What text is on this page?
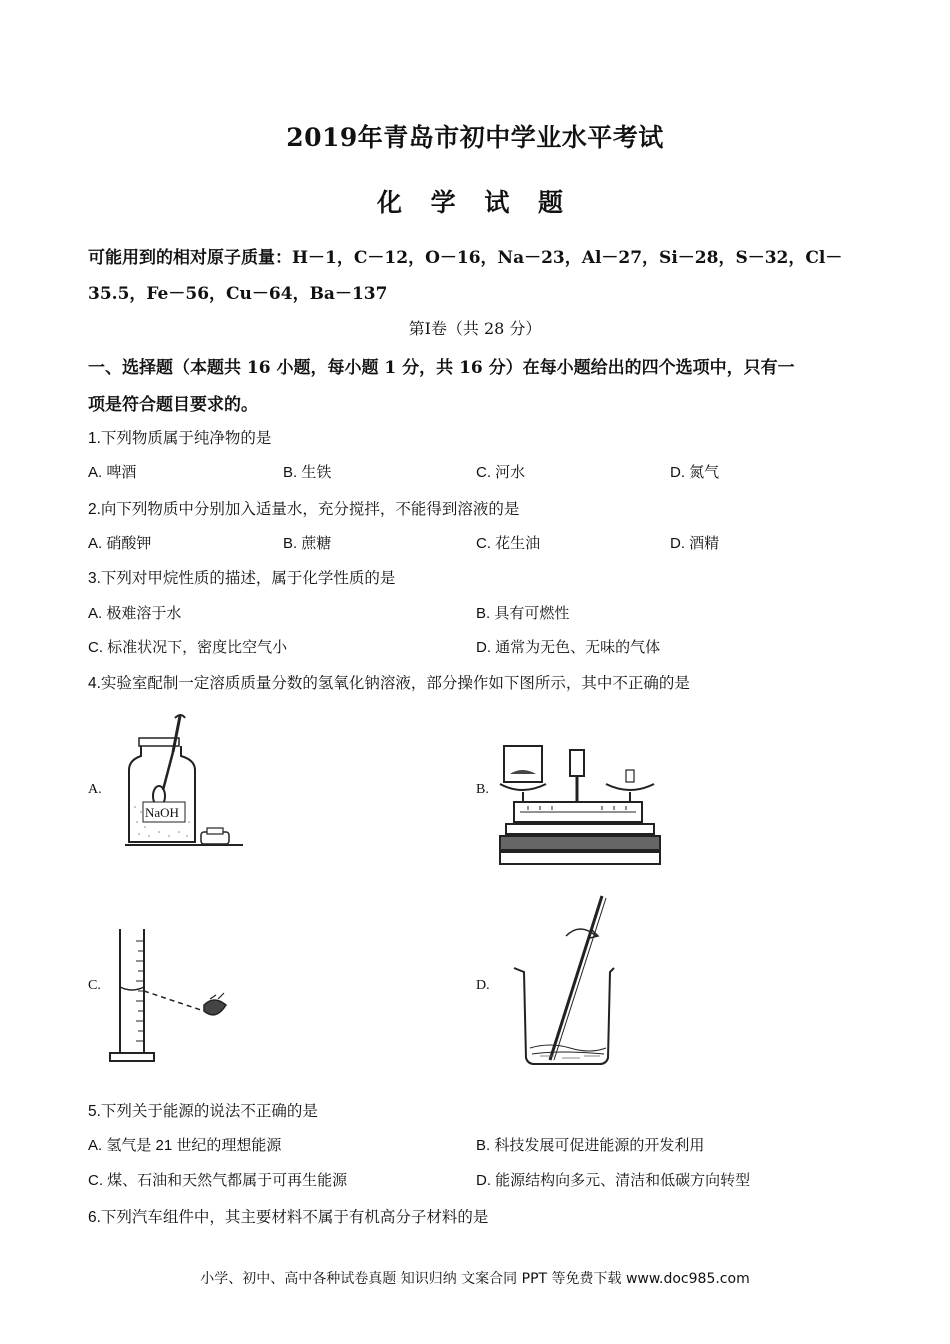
2019年青岛市初中学业水平考试
化 学 试 题
可能用到的相对原子质量：H－1，C－12，O－16，Na－23，Al－27，Si－28，S－32，Cl－
35.5，Fe－56，Cu－64，Ba－137
第Ⅰ卷（共 28 分）
一、选择题（本题共 16 小题，每小题 1 分，共 16 分）在每小题给出的四个选项中，只有一
项是符合题目要求的。
1.下列物质属于纯净物的是
A. 啤酒	B. 生铁	C. 河水	D. 氮气
2.向下列物质中分别加入适量水，充分搅拌，不能得到溶液的是
A. 硝酸钾	B. 蔗糖	C. 花生油	D. 酒精
3.下列对甲烷性质的描述，属于化学性质的是
A. 极难溶于水	B. 具有可燃性
C. 标准状况下，密度比空气小	D. 通常为无色、无味的气体
4.实验室配制一定溶质质量分数的氢氧化钠溶液，部分操作如下图所示，其中不正确的是
A.	B.
C.	D.
NaOH
5.下列关于能源的说法不正确的是
A. 氢气是 21 世纪的理想能源	B. 科技发展可促进能源的开发利用
C. 煤、石油和天然气都属于可再生能源	D. 能源结构向多元、清洁和低碳方向转型
6.下列汽车组件中，其主要材料不属于有机高分子材料的是
小学、初中、高中各种试卷真题 知识归纳 文案合同 PPT 等免费下载 www.doc985.com
